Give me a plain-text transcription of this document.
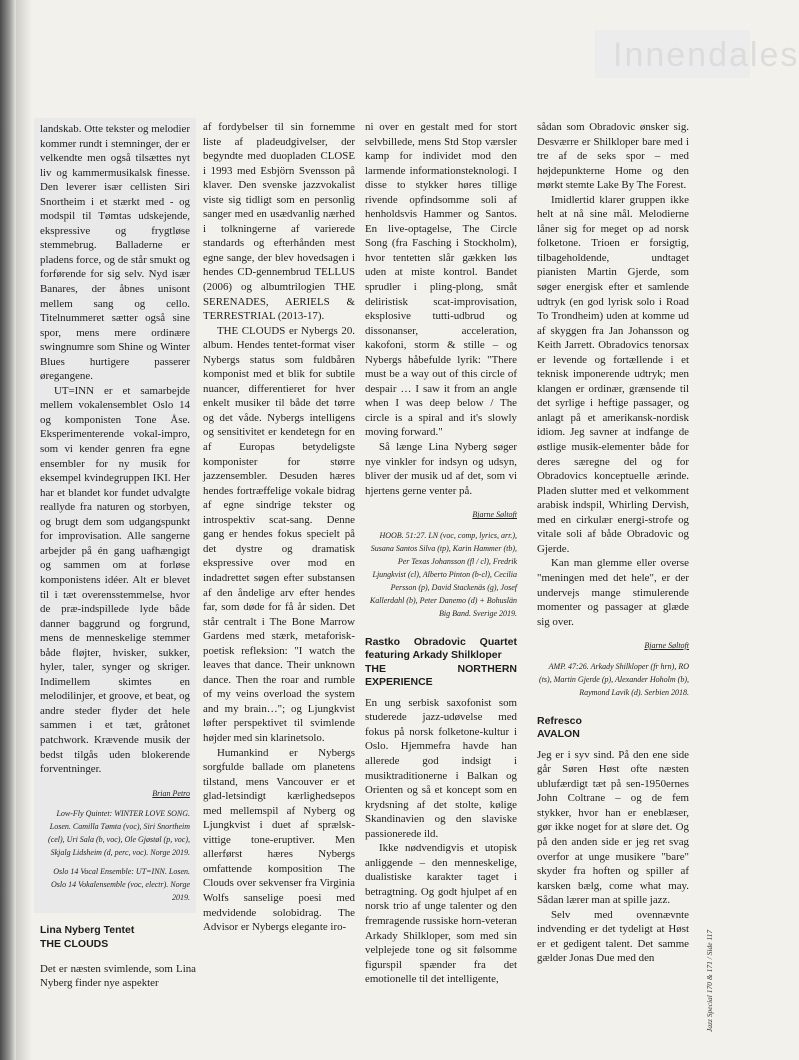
Innendales

landskab. Otte tekster og melodier kommer rundt i stemninger, der er velkendte men også tilsættes nyt liv og kammermusikalsk finesse. Den leverer især cellisten Siri Snortheim i et stærkt med - og modspil til Tømtas udskejende, ekspressive og frygtløse stemmebrug. Balladerne er pladens force, og de står smukt og forførende for sig selv. Nyd især Banares, der åbnes unisont mellem sang og cello. Titelnummeret sætter også sine spor, mens mere ordinære swingnumre som Shine og Winter Blues hurtigere passerer øregangene.

UT=INN er et samarbejde mellem vokalensemblet Oslo 14 og komponisten Tone Åse. Eksperimenterende vokal-impro, som vi kender genren fra egne ensembler for ny musik for eksempel kvindegruppen IKI. Her har et blandet kor fundet udvalgte reallyde fra naturen og storbyen, og brugt dem som udgangspunkt for improvisation. Alle sangerne arbejder på én gang uafhængigt og sammen om at forløse komponistens idéer. Alt er blevet til i tæt overensstemmelse, hvor de præ-indspillede lyde både danner baggrund og forgrund, mens de menneskelige stemmer både fløjter, hvisker, sukker, hyler, taler, synger og skriger. Indimellem skimtes en melodilinjer, et groove, et beat, og andre steder flyder det hele sammen i et tæt, gråtonet patchwork. Krævende musik der bedst tilgås uden blokerende forventninger.

Brian Petro
Low-Fly Quintet: WINTER LOVE SONG. Losen. Camilla Tømta (voc), Siri Snortheim (cel), Uri Sala (b, voc), Ole Gjøstøl (p, voc), Skjalg Lidsheim (d, perc, voc). Norge 2019.
Oslo 14 Vocal Ensemble: UT=INN. Losen. Oslo 14 Vokalensemble (voc, electr). Norge 2019.
Lina Nyberg Tentet
THE CLOUDS

Det er næsten svimlende, som Lina Nyberg finder nye aspekter

af fordybelser til sin fornemme liste af pladeudgivelser, der begyndte med duopladen CLOSE i 1993 med Esbjörn Svensson på klaver. Den svenske jazzvokalist viste sig tidligt som en personlig sanger med en usædvanlig nærhed i tolkningerne af varierede standards og efterhånden mest egne sange, der blev hovedsagen i hendes CD-gennembrud TELLUS (2006) og albumtrilogien THE SERENADES, AERIELS & TERRESTRIAL (2013-17).

THE CLOUDS er Nybergs 20. album. Hendes tentet-format viser Nybergs status som fuldbåren komponist med et blik for subtile nuancer, differentieret for hver enkelt musiker til både det tørre og det våde. Nybergs intelligens og sensitivitet er kendetegn for en af Europas betydeligste komponister for større jazzensembler. Desuden hæres hendes fortræffelige vokale bidrag af egne sindrige tekster og introspektiv scat-sang. Denne gang er hendes fokus specielt på det dystre og dramatisk ekspressive over mod en indadrettet søgen efter substansen af den åndelige arv efter hendes far, som døde for få år siden. Det står centralt i The Bone Marrow Gardens med stærk, metaforisk-poetisk refleksion: "I watch the leaves that dance. Their unknown dance. Then the roar and rumble of my veins overload the system and my brain…"; og Ljungkvist løfter perspektivet til svimlende højder med sin klarinetsolo.

Humankind er Nybergs sorgfulde ballade om planetens tilstand, mens Vancouver er et glad-letsindigt kærlighedsepos med mellemspil af Nyberg og Ljungkvist i duet af sprælsk-vittige tone-eruptiver. Men allerførst hæres Nybergs omfattende komposition The Clouds over sekvenser fra Virginia Wolfs sanselige poesi med medvidende solobidrag. The Advisor er Nybergs elegante iro-

ni over en gestalt med for stort selvbillede, mens Std Stop værsler kamp for individet mod den larmende informationsteknologi. I disse to stykker høres tillige rivende opfindsomme soli af henholdsvis Hammer og Santos. En live-optagelse, The Circle Song (fra Fasching i Stockholm), hvor tentetten slår gækken løs uden at miste kontrol. Bandet sprudler i pling-plong, småt deliristisk scat-improvisation, eksplosive tutti-udbrud og dissonanser, acceleration, kakofoni, storm & stille – og Nybergs håbefulde lyrik: "There must be a way out of this circle of despair … I saw it from an angle when I was deep below / The circle is a spiral and it's slowly moving forward."

Så længe Lina Nyberg søger nye vinkler for indsyn og udsyn, bliver der musik ud af det, som vi hjertens gerne venter på.

Bjarne Søltoft
HOOB. 51:27. LN (voc, comp, lyrics, arr.), Susana Santos Silva (tp), Karin Hammer (tb), Per Texas Johansson (fl / cl), Fredrik Ljungkvist (cl), Alberto Pinton (b-cl), Cecilia Persson (p), David Stackenäs (g), Josef Kallerdahl (b), Peter Danemo (d) + Bohuslän Big Band. Sverige 2019.
Rastko Obradovic Quartet featuring Arkady Shilkloper
THE NORTHERN EXPERIENCE

En ung serbisk saxofonist som studerede jazz-udøvelse med fokus på norsk folketone-kultur i Oslo. Hjemmefra havde han allerede god indsigt i musiktraditionerne i Balkan og Orienten og så et koncept som en krydsning af det stolte, kølige Skandinavien og den slaviske passionerede ild.

Ikke nødvendigvis et utopisk anliggende – den menneskelige, dualistiske karakter taget i betragtning. Og godt hjulpet af en norsk trio af unge talenter og den fremragende russiske horn-veteran Arkady Shilkloper, som med sin velplejede tone og sit følsomme figurspil spænder fra det emotionelle til det intelligente,

sådan som Obradovic ønsker sig. Desværre er Shilkloper bare med i tre af de seks spor – med højdepunkterne Home og den mørkt stemte Lake By The Forest.

Imidlertid klarer gruppen ikke helt at nå sine mål. Melodierne låner sig for meget op ad norsk folketone. Trioen er forsigtig, tilbageholdende, undtaget pianisten Martin Gjerde, som søger energisk efter et samlende udtryk (en god lyrisk solo i Road To Trondheim) uden at komme ud af skyggen fra Jan Johansson og Keith Jarrett. Obradovics tenorsax er levende og fortællende i et teknisk imponerende udtryk; men klangen er ordinær, grænsende til det syrlige i heftige passager, og anlagt på et amerikansk-nordisk idiom. Jeg savner at indfange de østlige musik-elementer både for deres særegne del og for Obradovics konceptuelle ærinde. Pladen slutter med et velkomment arabisk indspil, Whirling Dervish, med en cirkulær energi-strofe og vitale soli af både Obradovic og Gjerde.

Kan man glemme eller overse "meningen med det hele", er der undervejs mange stimulerende momenter og passager at glæde sig over.

Bjarne Søltoft
AMP. 47:26. Arkady Shilkloper (fr hrn), RO (ts), Martin Gjerde (p), Alexander Hoholm (b), Raymond Lavik (d). Serbien 2018.
Refresco
AVALON

Jeg er i syv sind. På den ene side går Søren Høst ofte næsten ublufærdigt tæt på sen-1950ernes John Coltrane – og de fem stykker, hvor han er eneblæser, gør ikke noget for at sløre det. Og på den anden side er jeg ret svag overfor at unge musikere "bare" skyder fra hoften og spiller af karsken bælg, come what may. Sådan lærer man at spille jazz.

Selv med ovennævnte indvending er det tydeligt at Høst er et gedigent talent. Det samme gælder Jonas Due med den	Jazz Special 170 & 171 / Side 117
